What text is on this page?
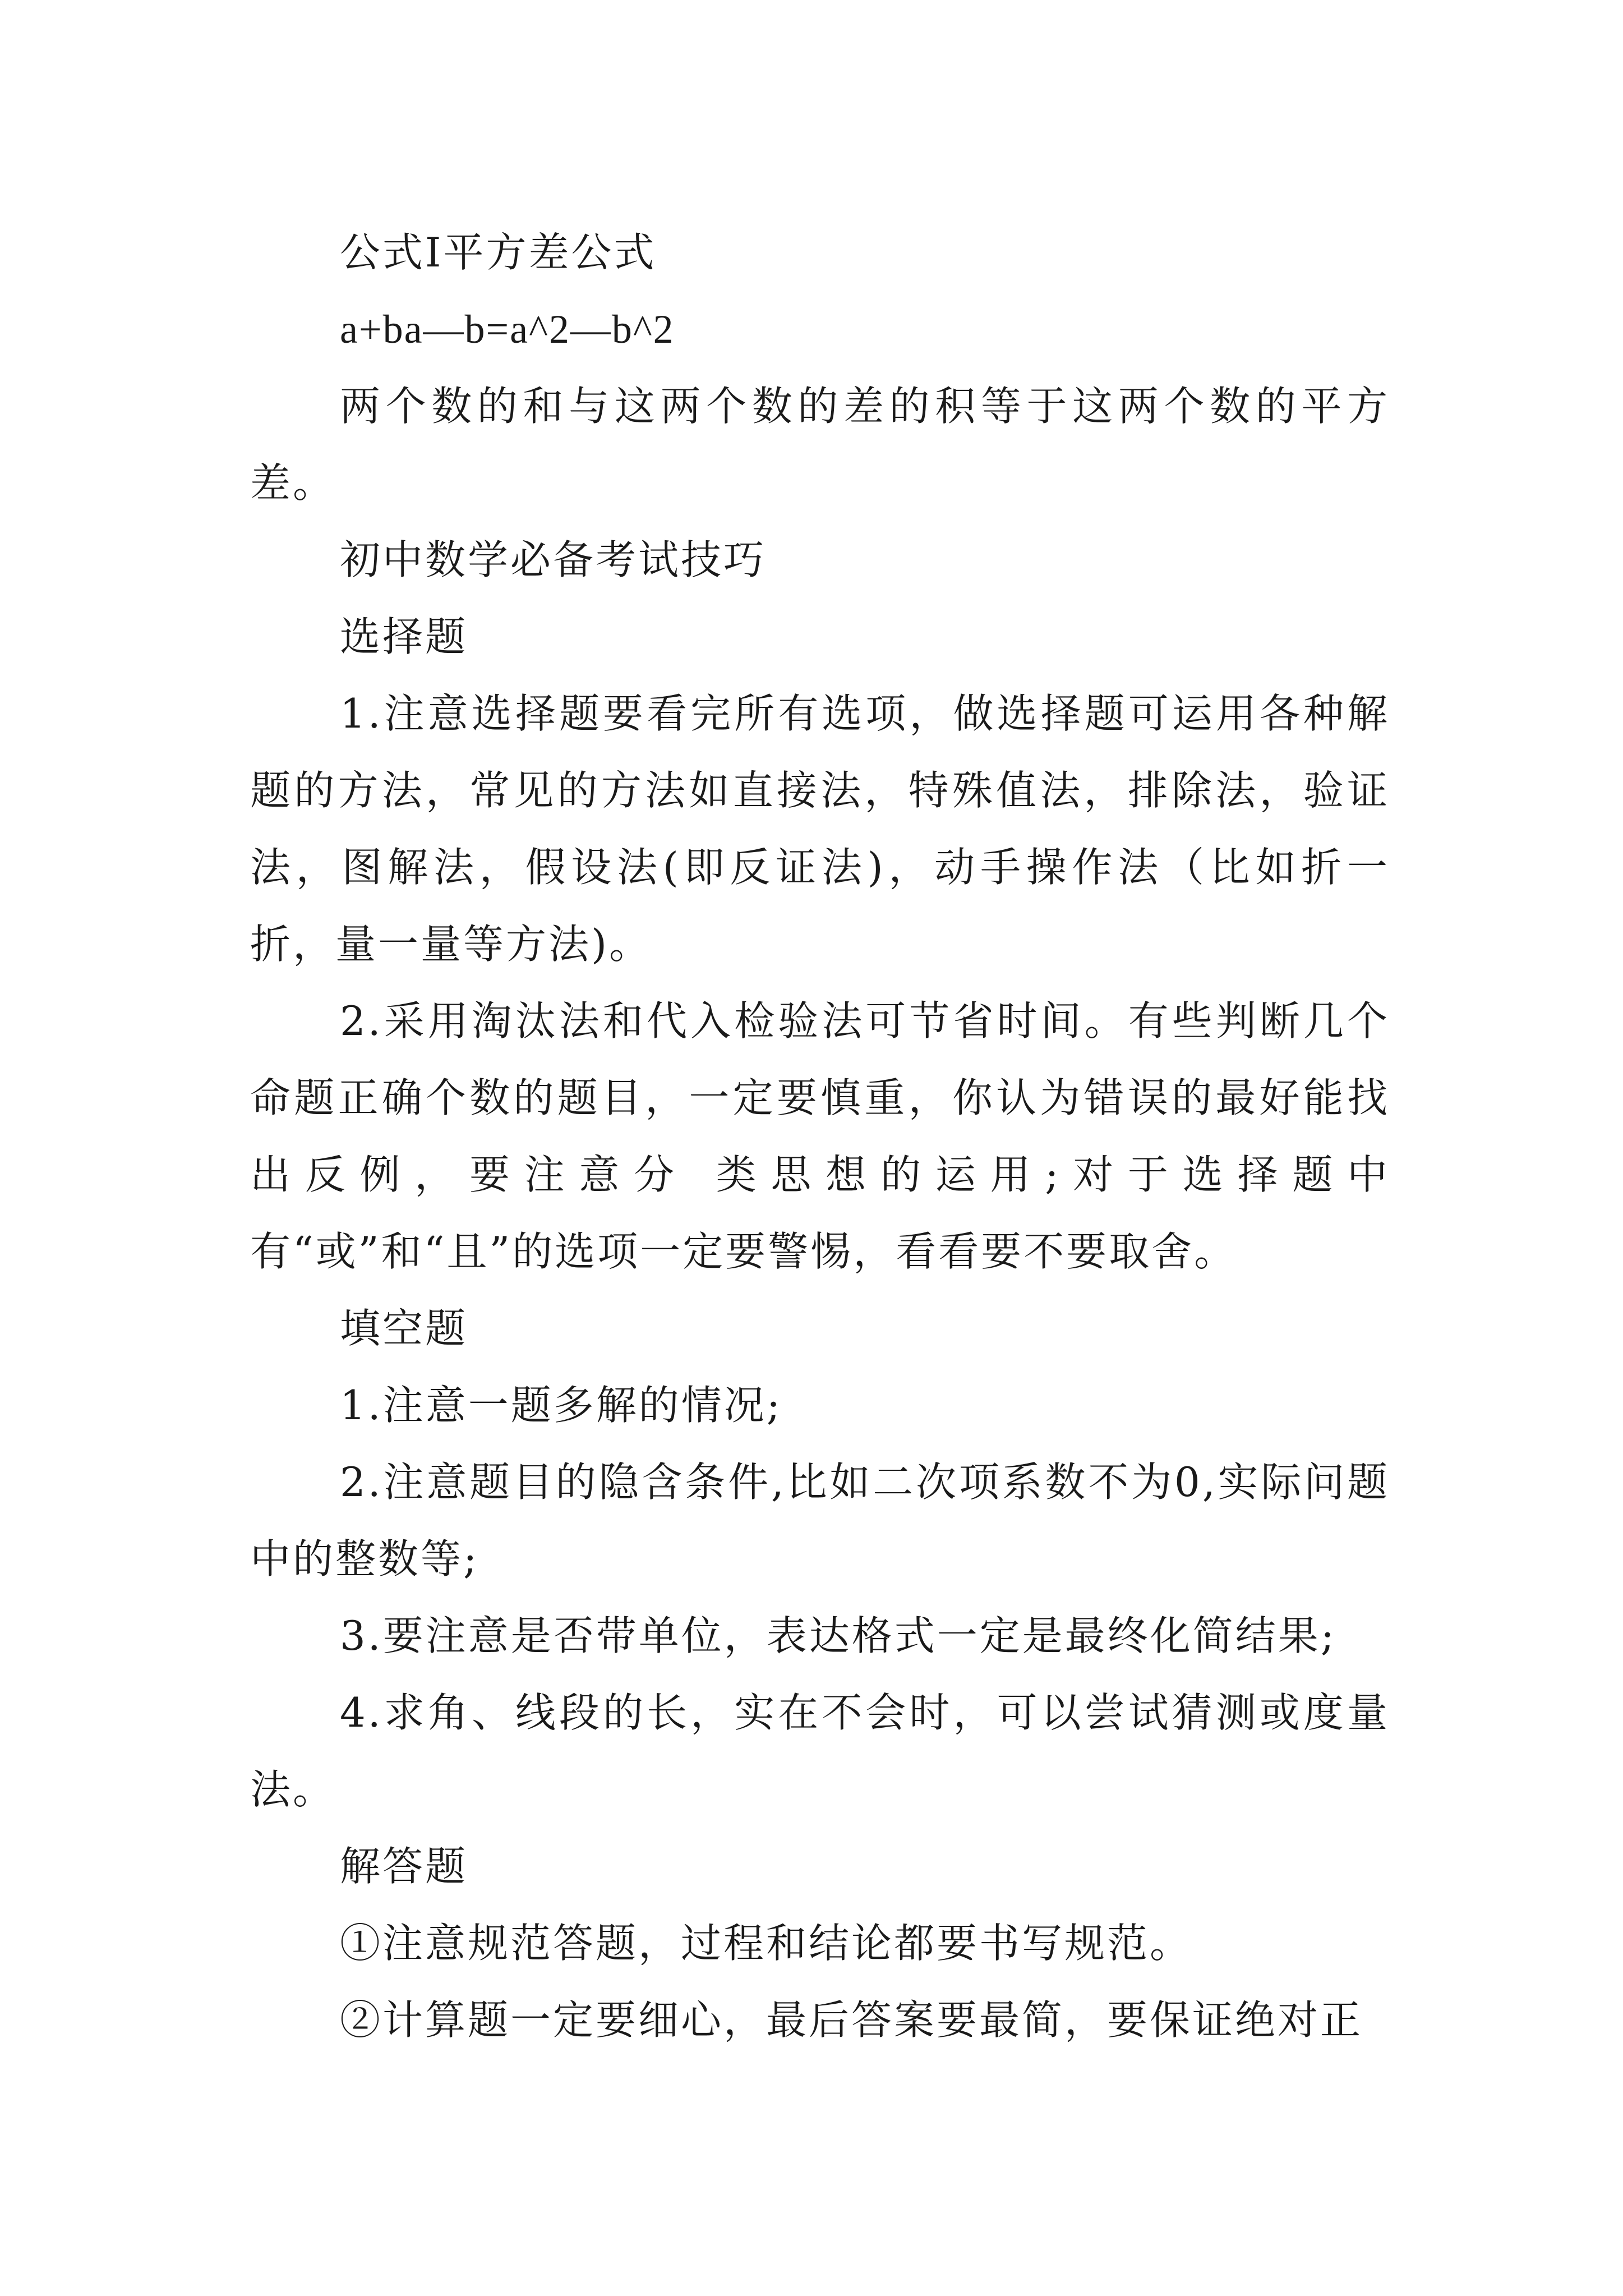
公式Ⅰ平方差公式

a+ba—b=a^2—b^2

两个数的和与这两个数的差的积等于这两个数的平方差。

初中数学必备考试技巧

选择题

1.注意选择题要看完所有选项，做选择题可运用各种解题的方法，常见的方法如直接法，特殊值法，排除法，验证法，图解法，假设法(即反证法)，动手操作法（比如折一折，量一量等方法)。

2.采用淘汰法和代入检验法可节省时间。有些判断几个命题正确个数的题目，一定要慎重，你认为错误的最好能找出反例，要注意分 类思想的运用;对于选择题中有“或”和“且”的选项一定要警惕，看看要不要取舍。

填空题

1.注意一题多解的情况;

2.注意题目的隐含条件,比如二次项系数不为0,实际问题中的整数等;

3.要注意是否带单位，表达格式一定是最终化简结果;

4.求角、线段的长，实在不会时，可以尝试猜测或度量法。

解答题

①注意规范答题，过程和结论都要书写规范。

②计算题一定要细心，最后答案要最简，要保证绝对正
